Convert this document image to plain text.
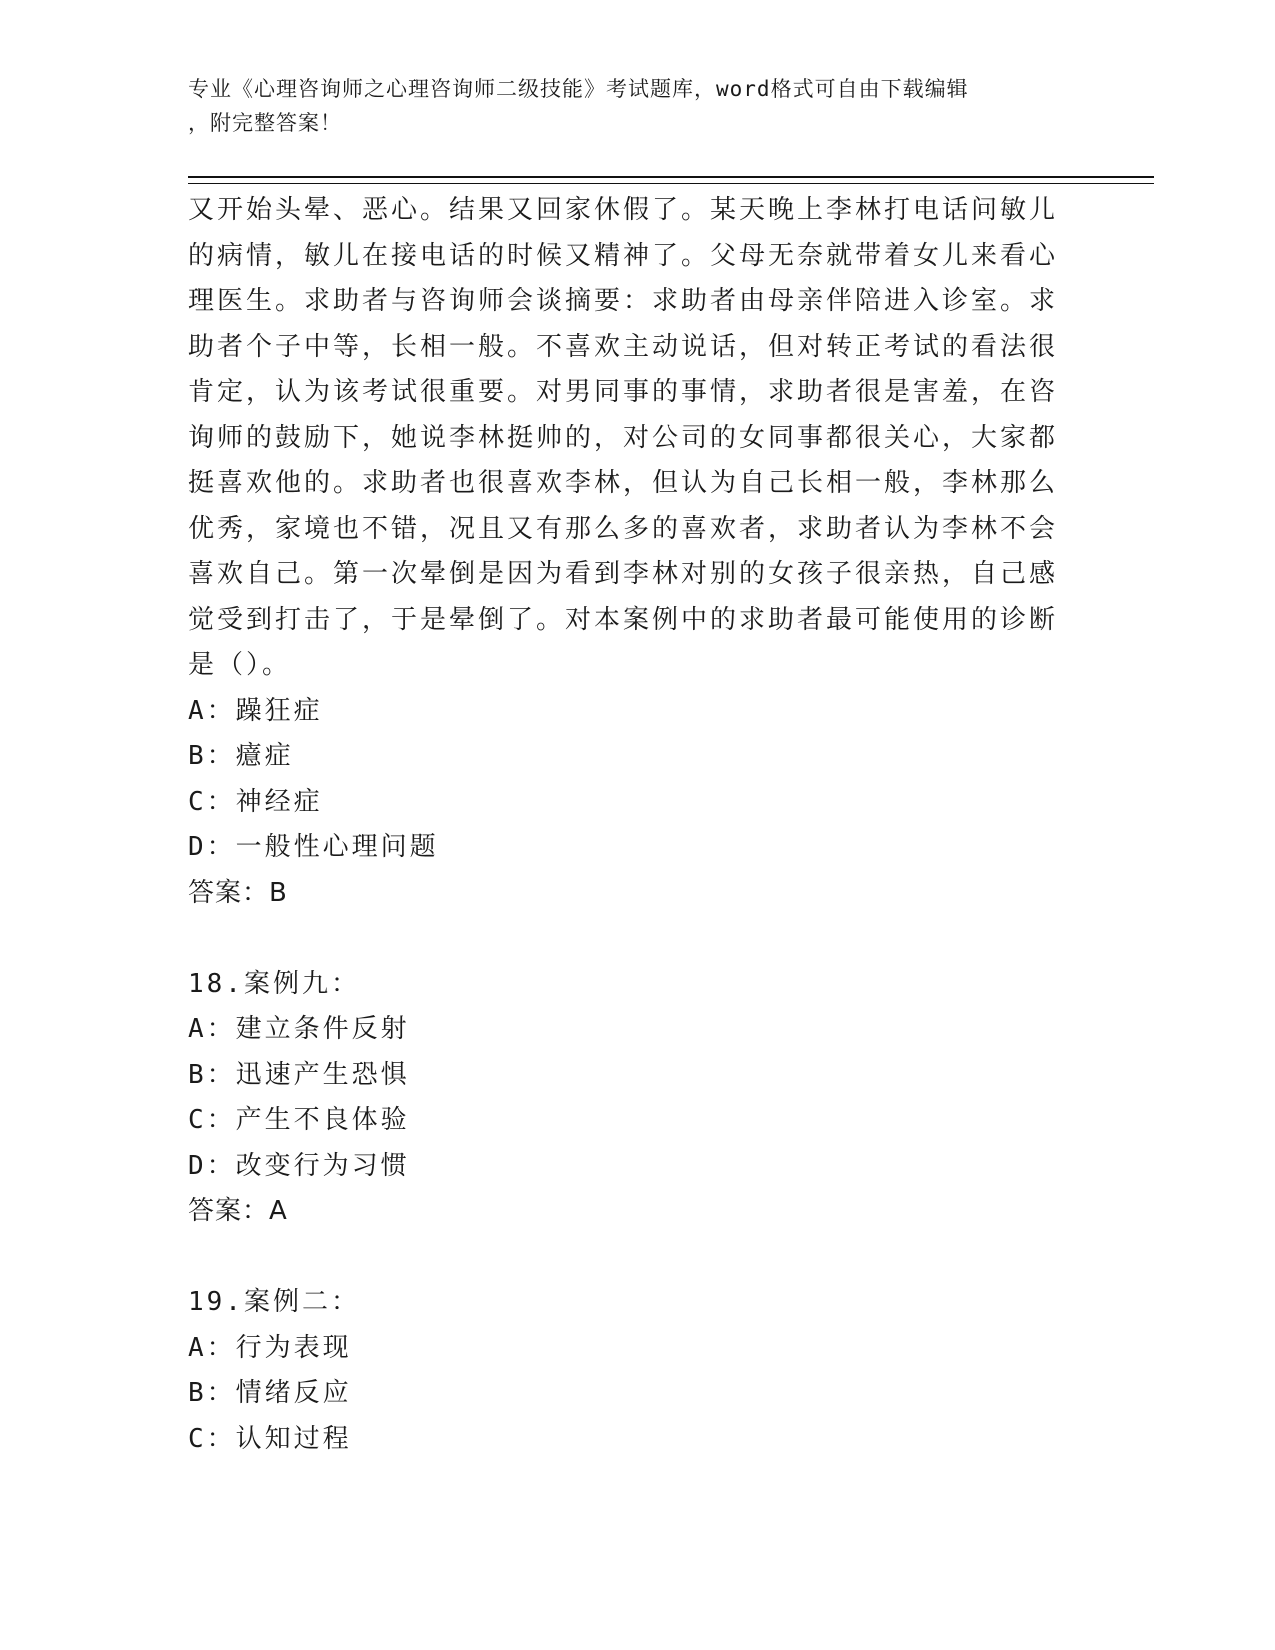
专业《心理咨询师之心理咨询师二级技能》考试题库，word格式可自由下载编辑
，附完整答案！
又开始头晕、恶心。结果又回家休假了。某天晚上李林打电话问敏儿
的病情，敏儿在接电话的时候又精神了。父母无奈就带着女儿来看心
理医生。求助者与咨询师会谈摘要：求助者由母亲伴陪进入诊室。求
助者个子中等，长相一般。不喜欢主动说话，但对转正考试的看法很
肯定，认为该考试很重要。对男同事的事情，求助者很是害羞，在咨
询师的鼓励下，她说李林挺帅的，对公司的女同事都很关心，大家都
挺喜欢他的。求助者也很喜欢李林，但认为自己长相一般，李林那么
优秀，家境也不错，况且又有那么多的喜欢者，求助者认为李林不会
喜欢自己。第一次晕倒是因为看到李林对别的女孩子很亲热，自己感
觉受到打击了，于是晕倒了。对本案例中的求助者最可能使用的诊断
是（）。
A：躁狂症
B：癔症
C：神经症
D：一般性心理问题
答案：B
18.案例九：
A：建立条件反射
B：迅速产生恐惧
C：产生不良体验
D：改变行为习惯
答案：A
19.案例二：
A：行为表现
B：情绪反应
C：认知过程
